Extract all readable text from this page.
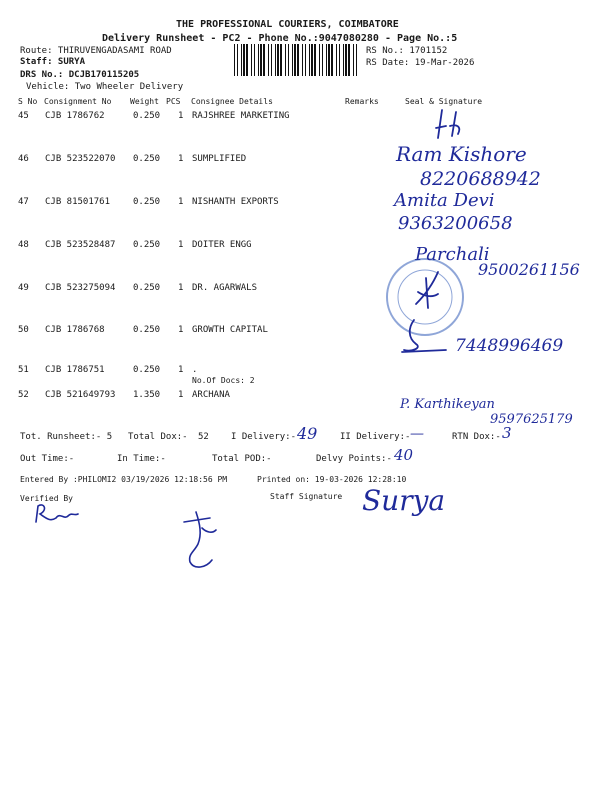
THE PROFESSIONAL COURIERS, COIMBATORE
Delivery Runsheet - PC2 - Phone No.:9047080280 - Page No.:5
Route: THIRUVENGADASAMI ROAD
Staff: SURYA
DRS No.: DCJB170115205
Vehicle: Two Wheeler Delivery
RS No.: 1701152
RS Date: 19-Mar-2026
S No Consignment No Weight PCS Consignee Details	Remarks	Seal & Signature
45 CJB 1786762	0.250 1 RAJSHREE MARKETING
46 CJB 523522070 0.250 1 SUMPLIFIED
47 CJB 81501761	0.250 1 NISHANTH EXPORTS
48 CJB 523528487 0.250 1 DOITER ENGG
49 CJB 523275094 0.250 1 DR. AGARWALS
50 CJB 1786768	0.250 1 GROWTH CAPITAL
51 CJB 1786751	0.250 1 .
No.Of Docs: 2
52 CJB 521649793 1.350 1 ARCHANA
Ram Kishore
8220688942
Amita Devi
9363200658
Parchali
9500261156
7448996469
P. Karthikeyan
9597625179
Tot. Runsheet:- 5 Total Dox:- 52 I Delivery:- 49	II Delivery:- —	RTN Dox:- 3
Out Time:-	In Time:-	Total POD:-	Delvy Points:- 40
Entered By :PHILOMI2 03/19/2026 12:18:56 PM	Printed on: 19-03-2026 12:28:10
Verified By	Staff Signature Surya
